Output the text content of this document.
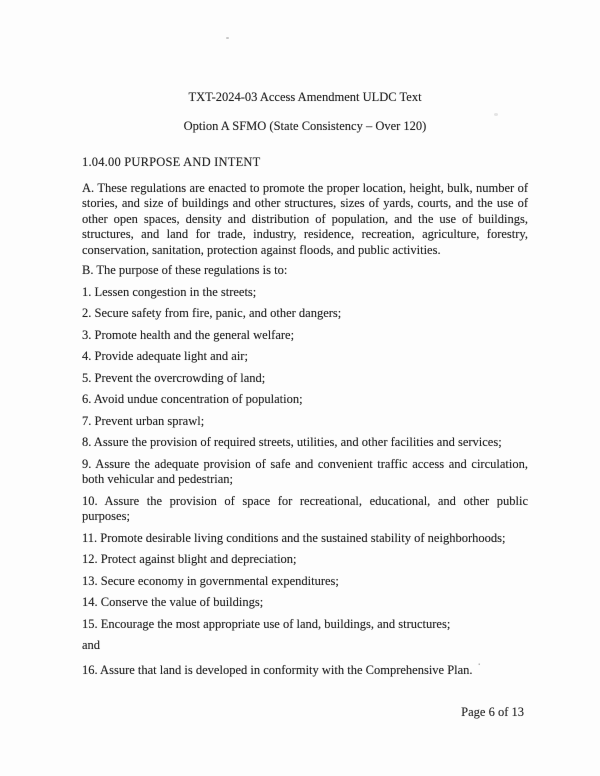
TXT-2024-03 Access Amendment ULDC Text

Option A SFMO (State Consistency – Over 120)

1.04.00 PURPOSE AND INTENT

A. These regulations are enacted to promote the proper location, height, bulk, number of stories, and size of buildings and other structures, sizes of yards, courts, and the use of other open spaces, density and distribution of population, and the use of buildings, structures, and land for trade, industry, residence, recreation, agriculture, forestry, conservation, sanitation, protection against floods, and public activities.

B. The purpose of these regulations is to:

1. Lessen congestion in the streets;

2. Secure safety from fire, panic, and other dangers;

3. Promote health and the general welfare;

4. Provide adequate light and air;

5. Prevent the overcrowding of land;

6. Avoid undue concentration of population;

7. Prevent urban sprawl;

8. Assure the provision of required streets, utilities, and other facilities and services;

9. Assure the adequate provision of safe and convenient traffic access and circulation, both vehicular and pedestrian;

10. Assure the provision of space for recreational, educational, and other public purposes;

11. Promote desirable living conditions and the sustained stability of neighborhoods;

12. Protect against blight and depreciation;

13. Secure economy in governmental expenditures;

14. Conserve the value of buildings;

15. Encourage the most appropriate use of land, buildings, and structures;

and

16. Assure that land is developed in conformity with the Comprehensive Plan. ˈ

Page 6 of 13
